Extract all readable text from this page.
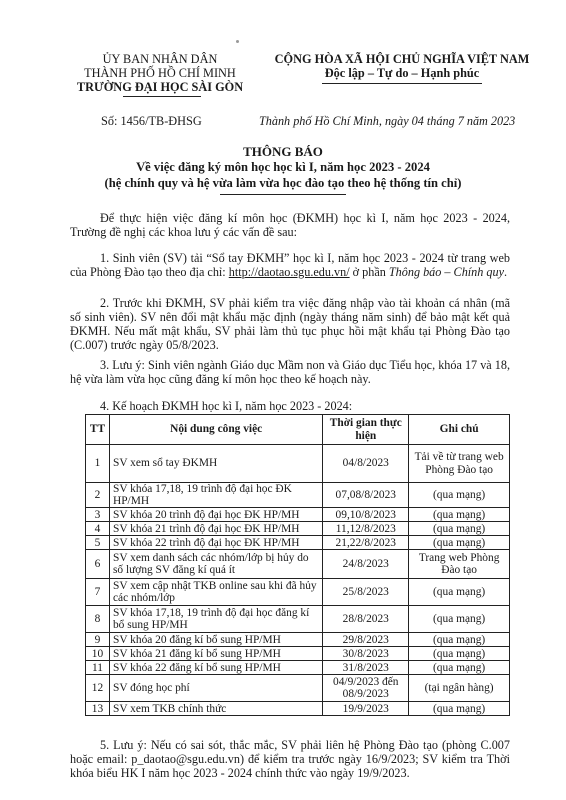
ỦY BAN NHÂN DÂN
THÀNH PHỐ HỒ CHÍ MINH
TRƯỜNG ĐẠI HỌC SÀI GÒN
Số: 1456/TB-ĐHSG
CỘNG HÒA XÃ HỘI CHỦ NGHĨA VIỆT NAM
Độc lập – Tự do – Hạnh phúc
Thành phố Hồ Chí Minh, ngày 04 tháng 7 năm 2023
THÔNG BÁO
Về việc đăng ký môn học học kì I, năm học 2023 - 2024
(hệ chính quy và hệ vừa làm vừa học đào tạo theo hệ thống tín chỉ)
Để thực hiện việc đăng kí môn học (ĐKMH) học kì I, năm học 2023 - 2024, Trường đề nghị các khoa lưu ý các vấn đề sau:
1. Sinh viên (SV) tải “Sổ tay ĐKMH” học kì I, năm học 2023 - 2024 từ trang web của Phòng Đào tạo theo địa chỉ: http://daotao.sgu.edu.vn/ ở phần Thông báo – Chính quy.
2. Trước khi ĐKMH, SV phải kiểm tra việc đăng nhập vào tài khoản cá nhân (mã số sinh viên). SV nên đổi mật khẩu mặc định (ngày tháng năm sinh) để bảo mật kết quả ĐKMH. Nếu mất mật khẩu, SV phải làm thủ tục phục hồi mật khẩu tại Phòng Đào tạo (C.007) trước ngày 05/8/2023.
3. Lưu ý: Sinh viên ngành Giáo dục Mầm non và Giáo dục Tiểu học, khóa 17 và 18, hệ vừa làm vừa học cũng đăng kí môn học theo kế hoạch này.
4. Kế hoạch ĐKMH học kì I, năm học 2023 - 2024:
TT	Nội dung công việc	Thời gian thực hiện	Ghi chú
1	SV xem sổ tay ĐKMH	04/8/2023	Tải về từ trang web Phòng Đào tạo
2	SV khóa 17,18, 19 trình độ đại học ĐK HP/MH	07,08/8/2023	(qua mạng)
3	SV khóa 20 trình độ đại học ĐK HP/MH	09,10/8/2023	(qua mạng)
4	SV khóa 21 trình độ đại học ĐK HP/MH	11,12/8/2023	(qua mạng)
5	SV khóa 22 trình độ đại học ĐK HP/MH	21,22/8/2023	(qua mạng)
6	SV xem danh sách các nhóm/lớp bị hủy do số lượng SV đăng kí quá ít	24/8/2023	Trang web Phòng Đào tạo
7	SV xem cập nhật TKB online sau khi đã hủy các nhóm/lớp	25/8/2023	(qua mạng)
8	SV khóa 17,18, 19 trình độ đại học đăng kí bổ sung HP/MH	28/8/2023	(qua mạng)
9	SV khóa 20 đăng kí bổ sung HP/MH	29/8/2023	(qua mạng)
10	SV khóa 21 đăng kí bổ sung HP/MH	30/8/2023	(qua mạng)
11	SV khóa 22 đăng kí bổ sung HP/MH	31/8/2023	(qua mạng)
12	SV đóng học phí	04/9/2023 đến 08/9/2023	(tại ngân hàng)
13	SV xem TKB chính thức	19/9/2023	(qua mạng)
5. Lưu ý: Nếu có sai sót, thắc mắc, SV phải liên hệ Phòng Đào tạo (phòng C.007 hoặc email: p_daotao@sgu.edu.vn) để kiểm tra trước ngày 16/9/2023; SV kiểm tra Thời khóa biểu HK I năm học 2023 - 2024 chính thức vào ngày 19/9/2023.
